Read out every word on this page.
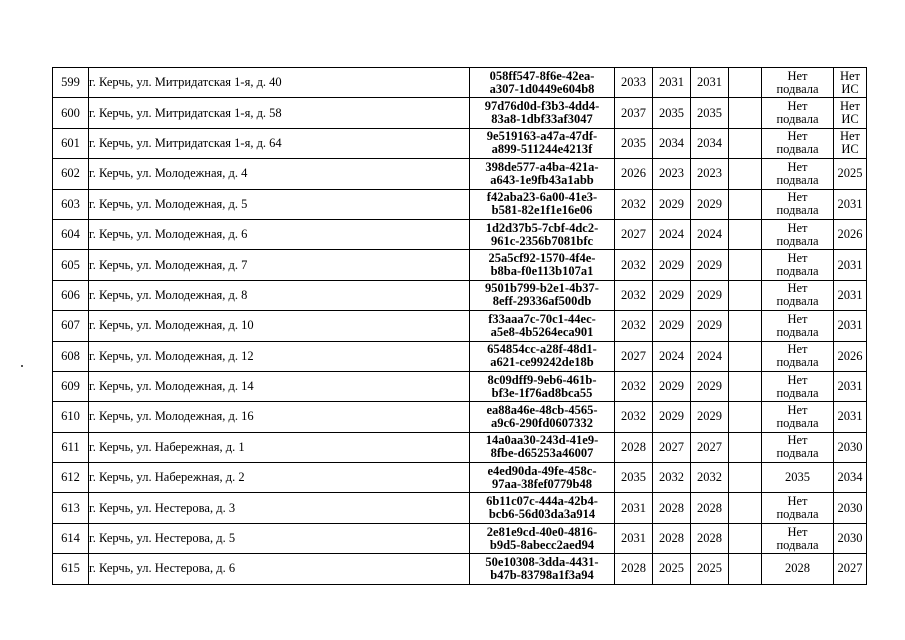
599	г. Керчь, ул. Митридатская 1-я, д. 40	058ff547-8f6e-42ea-
a307-1d0449e604b8	2033	2031	2031		Нет
подвала	Нет
ИС

600	г. Керчь, ул. Митридатская 1-я, д. 58	97d76d0d-f3b3-4dd4-
83a8-1dbf33af3047	2037	2035	2035		Нет
подвала	Нет
ИС

601	г. Керчь, ул. Митридатская 1-я, д. 64	9e519163-a47a-47df-
a899-511244e4213f	2035	2034	2034		Нет
подвала	Нет
ИС

602	г. Керчь, ул. Молодежная, д. 4	398de577-a4ba-421a-
a643-1e9fb43a1abb	2026	2023	2023		Нет
подвала	2025

603	г. Керчь, ул. Молодежная, д. 5	f42aba23-6a00-41e3-
b581-82e1f1e16e06	2032	2029	2029		Нет
подвала	2031

604	г. Керчь, ул. Молодежная, д. 6	1d2d37b5-7cbf-4dc2-
961c-2356b7081bfc	2027	2024	2024		Нет
подвала	2026

605	г. Керчь, ул. Молодежная, д. 7	25a5cf92-1570-4f4e-
b8ba-f0e113b107a1	2032	2029	2029		Нет
подвала	2031

606	г. Керчь, ул. Молодежная, д. 8	9501b799-b2e1-4b37-
8eff-29336af500db	2032	2029	2029		Нет
подвала	2031

607	г. Керчь, ул. Молодежная, д. 10	f33aaa7c-70c1-44ec-
a5e8-4b5264eca901	2032	2029	2029		Нет
подвала	2031

608	г. Керчь, ул. Молодежная, д. 12	654854cc-a28f-48d1-
a621-ce99242de18b	2027	2024	2024		Нет
подвала	2026

609	г. Керчь, ул. Молодежная, д. 14	8c09dff9-9eb6-461b-
bf3e-1f76ad8bca55	2032	2029	2029		Нет
подвала	2031

610	г. Керчь, ул. Молодежная, д. 16	ea88a46e-48cb-4565-
a9c6-290fd0607332	2032	2029	2029		Нет
подвала	2031

611	г. Керчь, ул. Набережная, д. 1	14a0aa30-243d-41e9-
8fbe-d65253a46007	2028	2027	2027		Нет
подвала	2030

612	г. Керчь, ул. Набережная, д. 2	e4ed90da-49fe-458c-
97aa-38fef0779b48	2035	2032	2032		2035	2034

613	г. Керчь, ул. Нестерова, д. 3	6b11c07c-444a-42b4-
bcb6-56d03da3a914	2031	2028	2028		Нет
подвала	2030

614	г. Керчь, ул. Нестерова, д. 5	2e81e9cd-40e0-4816-
b9d5-8abecc2aed94	2031	2028	2028		Нет
подвала	2030

615	г. Керчь, ул. Нестерова, д. 6	50e10308-3dda-4431-
b47b-83798a1f3a94	2028	2025	2025		2028	2027
